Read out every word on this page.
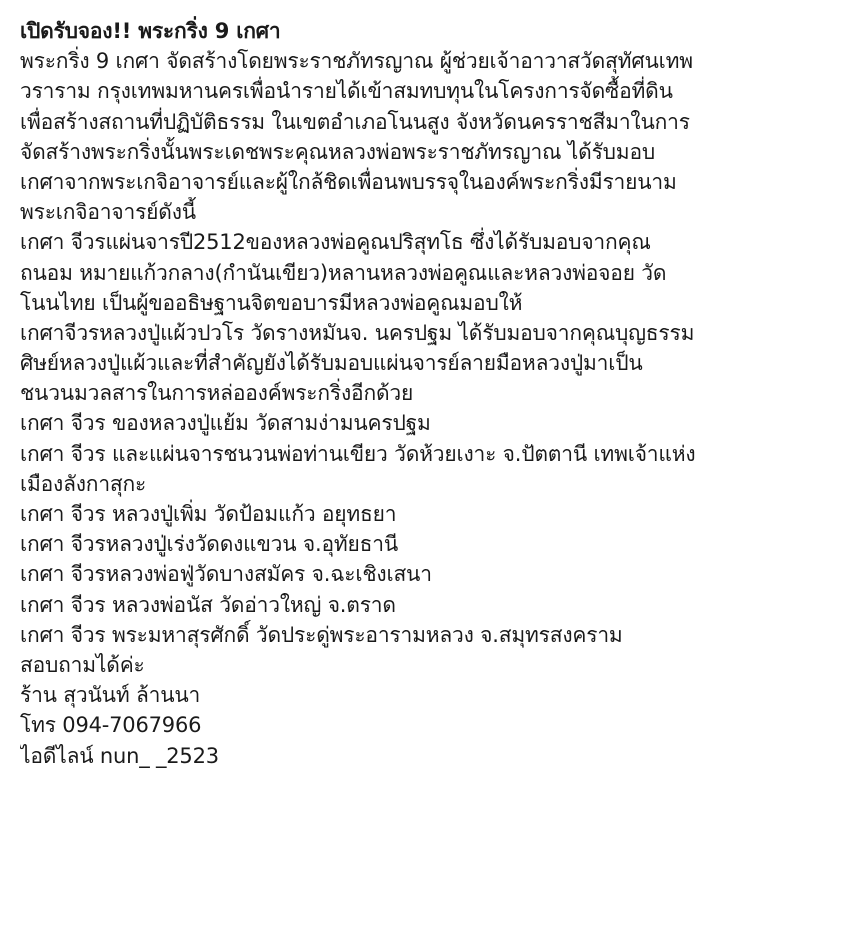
เปิดรับจอง!! พระกริ่ง 9 เกศา
พระกริ่ง 9 เกศา จัดสร้างโดยพระราชภัทรญาณ ผู้ช่วยเจ้าอาวาสวัดสุทัศนเทพ
วราราม กรุงเทพมหานครเพื่อนำรายได้เข้าสมทบทุนในโครงการจัดซื้อที่ดิน
เพื่อสร้างสถานที่ปฏิบัติธรรม ในเขตอำเภอโนนสูง จังหวัดนครราชสีมาในการ
จัดสร้างพระกริ่งนั้นพระเดชพระคุณหลวงพ่อพระราชภัทรญาณ ได้รับมอบ
เกศาจากพระเกจิอาจารย์และผู้ใกล้ชิดเพื่อนพบรรจุในองค์พระกริ่งมีรายนาม
พระเกจิอาจารย์ดังนี้
เกศา จีวรแผ่นจารปี2512ของหลวงพ่อคูณปริสุทโธ ซึ่งได้รับมอบจากคุณ
ถนอม หมายแก้วกลาง(กำนันเขียว)หลานหลวงพ่อคูณและหลวงพ่อจอย วัด
โนนไทย เป็นผู้ขออธิษฐานจิตขอบารมีหลวงพ่อคูณมอบให้
เกศาจีวรหลวงปู่แผ้วปวโร วัดรางหมันจ. นครปฐม ได้รับมอบจากคุณบุญธรรม
ศิษย์หลวงปู่แผ้วและที่สำคัญยังได้รับมอบแผ่นจารย์ลายมือหลวงปู่มาเป็น
ชนวนมวลสารในการหล่อองค์พระกริ่งอีกด้วย
เกศา จีวร ของหลวงปู่แย้ม วัดสามง่ามนครปฐม
เกศา จีวร และแผ่นจารชนวนพ่อท่านเขียว วัดห้วยเงาะ จ.ปัตตานี เทพเจ้าแห่ง
เมืองลังกาสุกะ
เกศา จีวร หลวงปู่เพิ่ม วัดป้อมแก้ว อยุทธยา
เกศา จีวรหลวงปู่เร่งวัดดงแขวน จ.อุทัยธานี
เกศา จีวรหลวงพ่อฟู่วัดบางสมัคร จ.ฉะเชิงเสนา
เกศา จีวร หลวงพ่อนัส วัดอ่าวใหญ่ จ.ตราด
เกศา จีวร พระมหาสุรศักดิ์ วัดประดู่พระอารามหลวง จ.สมุทรสงคราม
สอบถามได้ค่ะ
ร้าน สุวนันท์ ล้านนา
โทร 094-7067966
ไอดีไลน์ nun_ _2523
